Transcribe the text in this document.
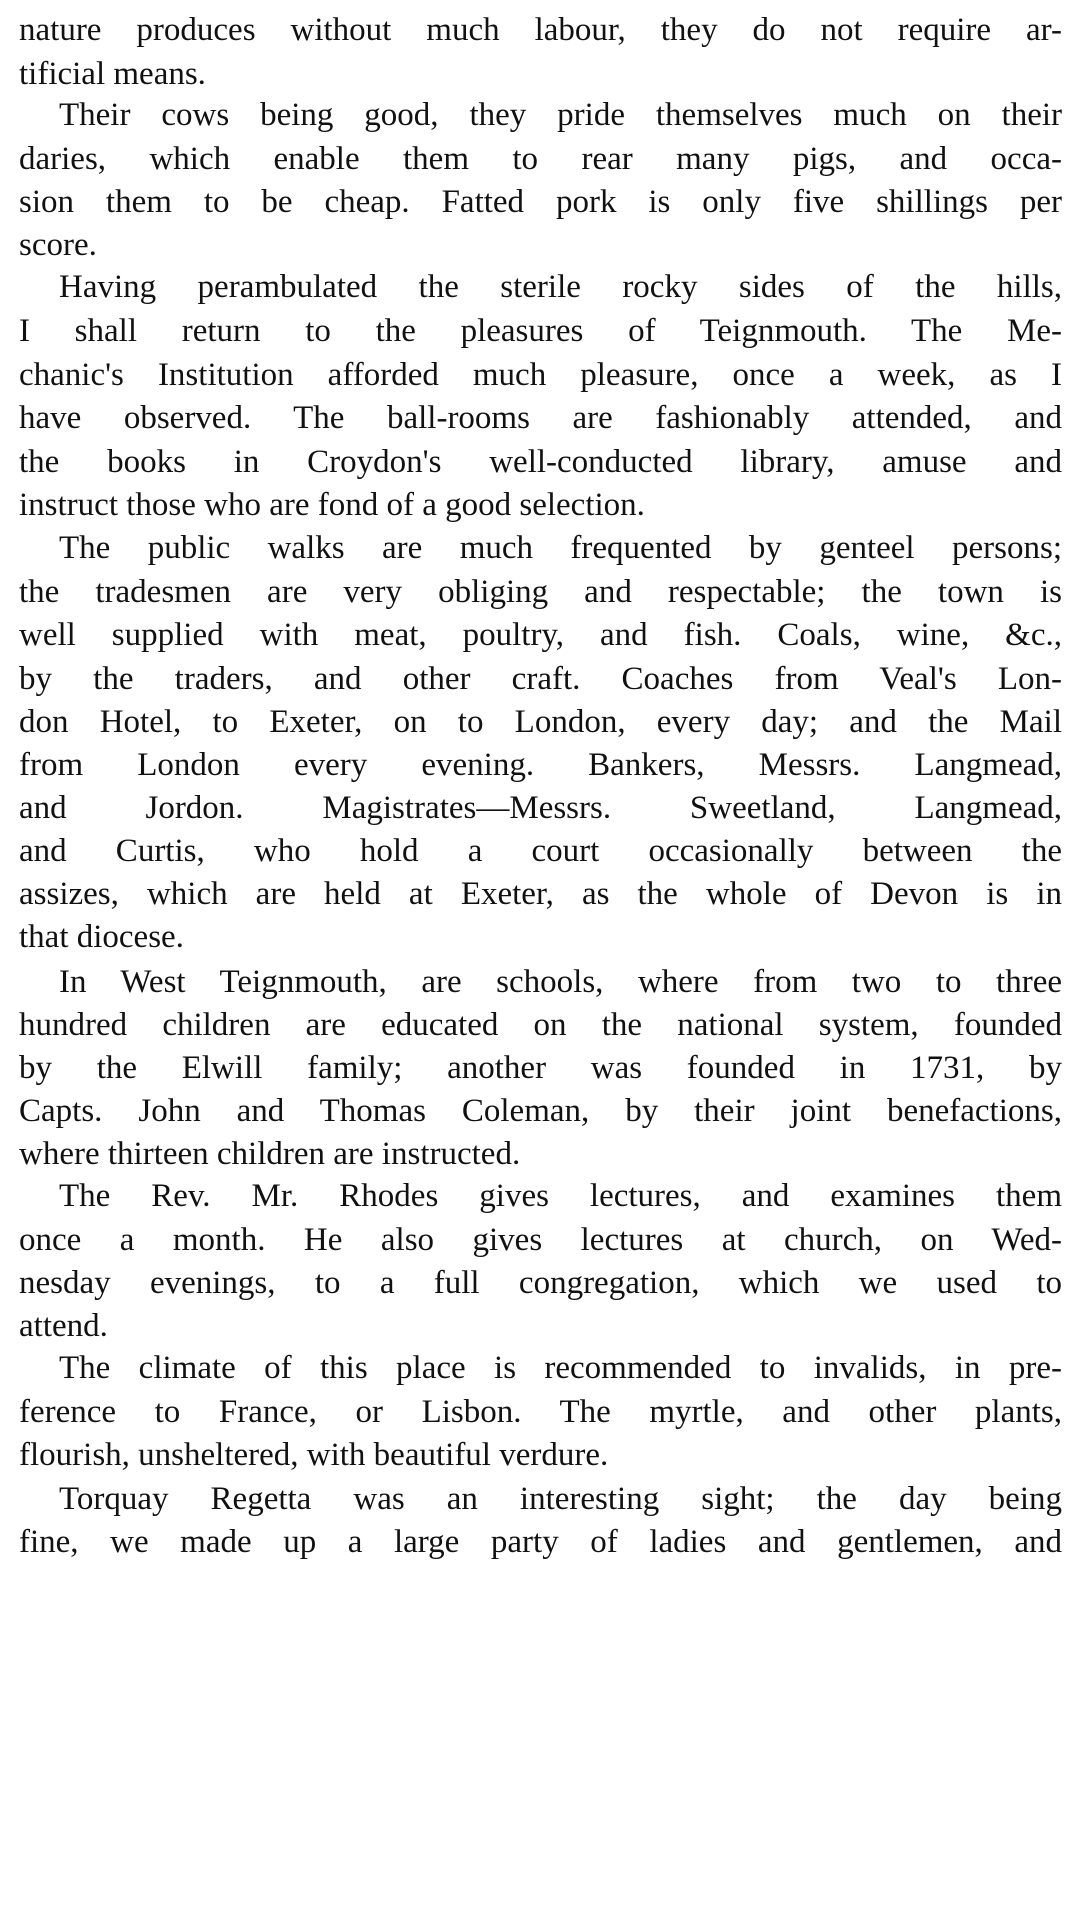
nature produces without much labour, they do not require ar-
tificial means.
Their cows being good, they pride themselves much on their
daries, which enable them to rear many pigs, and occa-
sion them to be cheap. Fatted pork is only five shillings per
score.
Having perambulated the sterile rocky sides of the hills,
I shall return to the pleasures of Teignmouth. The Me-
chanic's Institution afforded much pleasure, once a week, as I
have observed. The ball-rooms are fashionably attended, and
the books in Croydon's well-conducted library, amuse and
instruct those who are fond of a good selection.
The public walks are much frequented by genteel persons;
the tradesmen are very obliging and respectable; the town is
well supplied with meat, poultry, and fish. Coals, wine, &c.,
by the traders, and other craft. Coaches from Veal's Lon-
don Hotel, to Exeter, on to London, every day; and the Mail
from London every evening. Bankers, Messrs. Langmead,
and Jordon. Magistrates—Messrs. Sweetland, Langmead,
and Curtis, who hold a court occasionally between the
assizes, which are held at Exeter, as the whole of Devon is in
that diocese.
In West Teignmouth, are schools, where from two to three
hundred children are educated on the national system, founded
by the Elwill family; another was founded in 1731, by
Capts. John and Thomas Coleman, by their joint benefactions,
where thirteen children are instructed.
The Rev. Mr. Rhodes gives lectures, and examines them
once a month. He also gives lectures at church, on Wed-
nesday evenings, to a full congregation, which we used to
attend.
The climate of this place is recommended to invalids, in pre-
ference to France, or Lisbon. The myrtle, and other plants,
flourish, unsheltered, with beautiful verdure.
Torquay Regetta was an interesting sight; the day being
fine, we made up a large party of ladies and gentlemen, and
